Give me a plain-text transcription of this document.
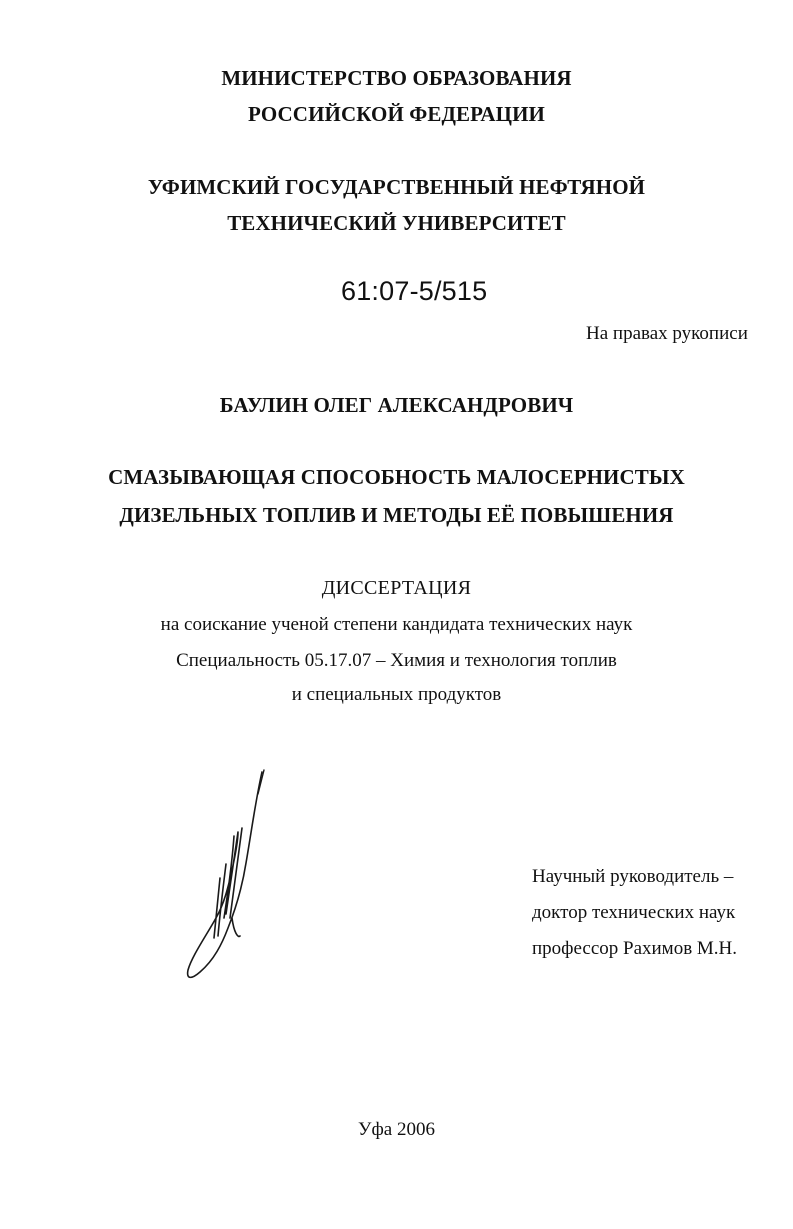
МИНИСТЕРСТВО ОБРАЗОВАНИЯ
РОССИЙСКОЙ ФЕДЕРАЦИИ
УФИМСКИЙ ГОСУДАРСТВЕННЫЙ НЕФТЯНОЙ
ТЕХНИЧЕСКИЙ УНИВЕРСИТЕТ
61:07-5/515
На правах рукописи
БАУЛИН ОЛЕГ АЛЕКСАНДРОВИЧ
СМАЗЫВАЮЩАЯ СПОСОБНОСТЬ МАЛОСЕРНИСТЫХ
ДИЗЕЛЬНЫХ ТОПЛИВ И МЕТОДЫ ЕЁ ПОВЫШЕНИЯ
ДИССЕРТАЦИЯ
на соискание ученой степени кандидата технических наук
Специальность 05.17.07 – Химия и технология топлив
и специальных продуктов
Научный руководитель –
доктор технических наук
профессор Рахимов М.Н.
Уфа 2006
